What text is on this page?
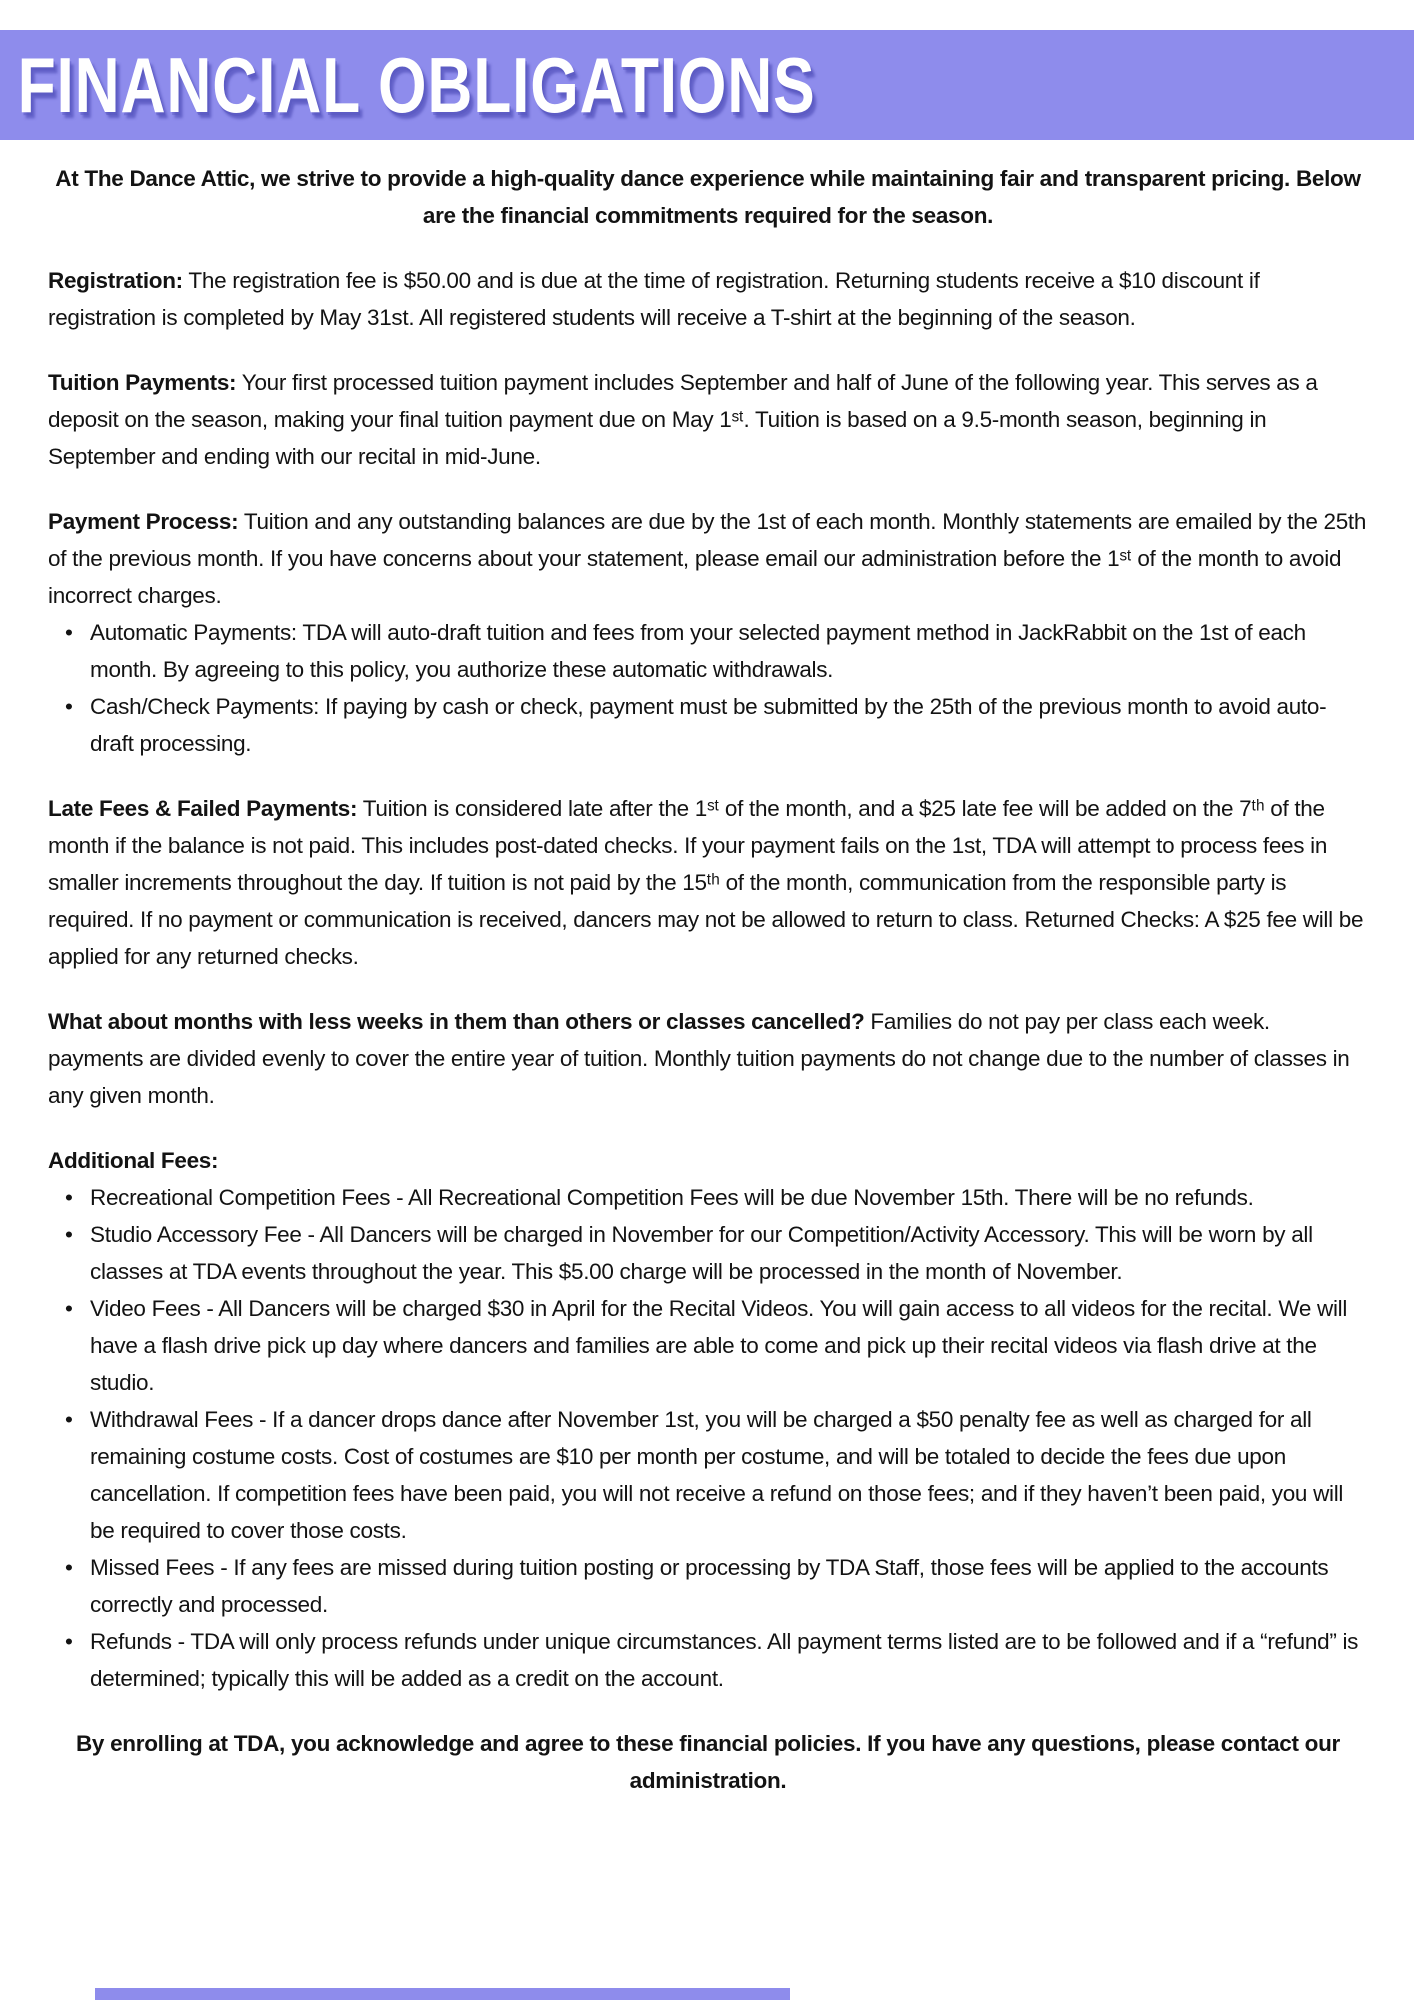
FINANCIAL OBLIGATIONS

At The Dance Attic, we strive to provide a high-quality dance experience while maintaining fair and transparent pricing. Below are the financial commitments required for the season.

Registration: The registration fee is $50.00 and is due at the time of registration. Returning students receive a $10 discount if registration is completed by May 31st. All registered students will receive a T-shirt at the beginning of the season.

Tuition Payments: Your first processed tuition payment includes September and half of June of the following year. This serves as a deposit on the season, making your final tuition payment due on May 1ˢᵗ. Tuition is based on a 9.5-month season, beginning in September and ending with our recital in mid-June.

Payment Process: Tuition and any outstanding balances are due by the 1st of each month. Monthly statements are emailed by the 25th of the previous month. If you have concerns about your statement, please email our administration before the 1ˢᵗ of the month to avoid incorrect charges.

• Automatic Payments: TDA will auto-draft tuition and fees from your selected payment method in JackRabbit on the 1st of each month. By agreeing to this policy, you authorize these automatic withdrawals.
• Cash/Check Payments: If paying by cash or check, payment must be submitted by the 25th of the previous month to avoid auto-draft processing.

Late Fees & Failed Payments: Tuition is considered late after the 1ˢᵗ of the month, and a $25 late fee will be added on the 7ᵗʰ of the month if the balance is not paid. This includes post-dated checks. If your payment fails on the 1st, TDA will attempt to process fees in smaller increments throughout the day. If tuition is not paid by the 15ᵗʰ of the month, communication from the responsible party is required. If no payment or communication is received, dancers may not be allowed to return to class. Returned Checks: A $25 fee will be applied for any returned checks.

What about months with less weeks in them than others or classes cancelled? Families do not pay per class each week. payments are divided evenly to cover the entire year of tuition. Monthly tuition payments do not change due to the number of classes in any given month.

Additional Fees:

• Recreational Competition Fees - All Recreational Competition Fees will be due November 15th. There will be no refunds.
• Studio Accessory Fee - All Dancers will be charged in November for our Competition/Activity Accessory. This will be worn by all classes at TDA events throughout the year. This $5.00 charge will be processed in the month of November.
• Video Fees - All Dancers will be charged $30 in April for the Recital Videos. You will gain access to all videos for the recital. We will have a flash drive pick up day where dancers and families are able to come and pick up their recital videos via flash drive at the studio.
• Withdrawal Fees - If a dancer drops dance after November 1st, you will be charged a $50 penalty fee as well as charged for all remaining costume costs. Cost of costumes are $10 per month per costume, and will be totaled to decide the fees due upon cancellation. If competition fees have been paid, you will not receive a refund on those fees; and if they haven’t been paid, you will be required to cover those costs.
• Missed Fees - If any fees are missed during tuition posting or processing by TDA Staff, those fees will be applied to the accounts correctly and processed.
• Refunds - TDA will only process refunds under unique circumstances. All payment terms listed are to be followed and if a “refund” is determined; typically this will be added as a credit on the account.

By enrolling at TDA, you acknowledge and agree to these financial policies. If you have any questions, please contact our administration.
